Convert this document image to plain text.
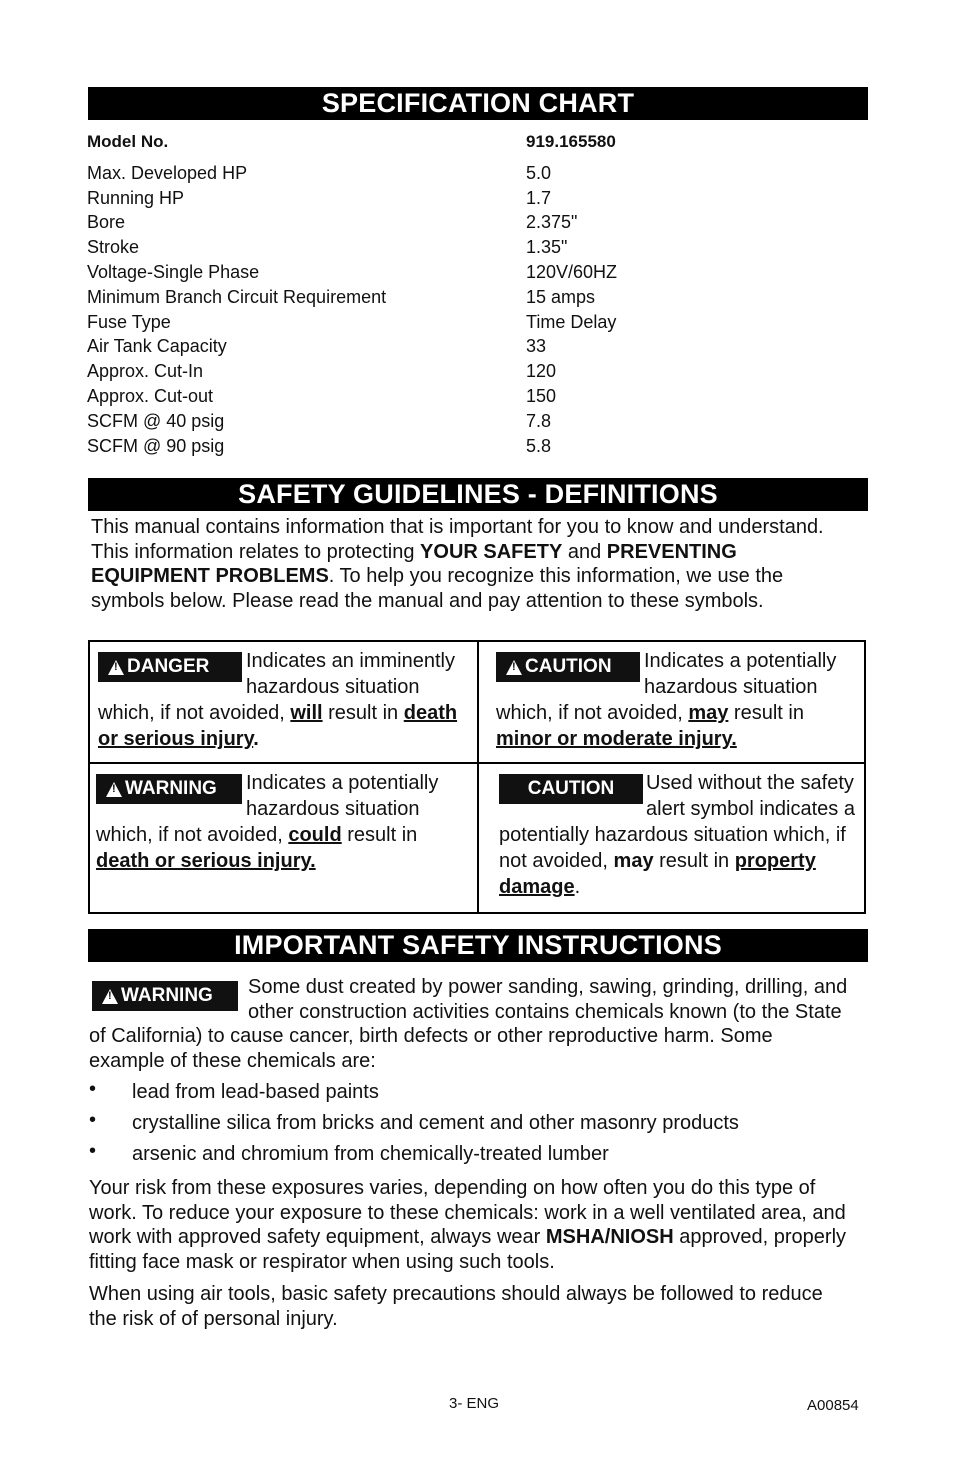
SPECIFICATION CHART
Model No.	919.165580
Max. Developed HP	5.0
Running HP	1.7
Bore	2.375"
Stroke	1.35"
Voltage-Single Phase	120V/60HZ
Minimum Branch Circuit Requirement	15 amps
Fuse Type	Time Delay
Air Tank Capacity	33
Approx. Cut-In	120
Approx. Cut-out	150
SCFM @ 40 psig	7.8
SCFM @ 90 psig	5.8
SAFETY GUIDELINES - DEFINITIONS
This manual contains information that is important for you to know and understand. This information relates to protecting YOUR SAFETY and PREVENTING EQUIPMENT PROBLEMS. To help you recognize this information, we use the symbols below. Please read the manual and pay attention to these symbols.
!
DANGER Indicates an imminently hazardous situation which, if not avoided, will result in death or serious injury.
!
CAUTION Indicates a potentially hazardous situation which, if not avoided, may result in minor or moderate injury.
!
WARNING Indicates a potentially hazardous situation which, if not avoided, could result in death or serious injury.
CAUTION Used without the safety alert symbol indicates a potentially hazardous situation which, if not avoided, may result in property damage.
IMPORTANT SAFETY INSTRUCTIONS

!
WARNING Some dust created by power sanding, sawing, grinding, drilling, and other construction activities contains chemicals known (to the State of California) to cause cancer, birth defects or other reproductive harm. Some example of these chemicals are:

• lead from lead-based paints
• crystalline silica from bricks and cement and other masonry products
• arsenic and chromium from chemically-treated lumber

Your risk from these exposures varies, depending on how often you do this type of work. To reduce your exposure to these chemicals: work in a well ventilated area, and work with approved safety equipment, always wear MSHA/NIOSH approved, properly fitting face mask or respirator when using such tools.

When using air tools, basic safety precautions should always be followed to reduce the risk of of personal injury.

3- ENG	A00854
